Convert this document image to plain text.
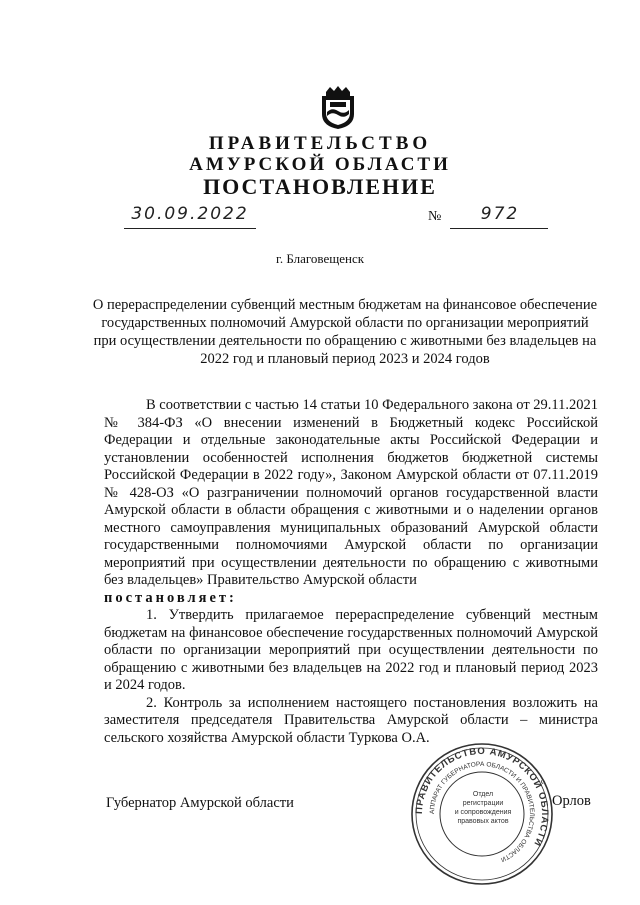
ПРАВИТЕЛЬСТВО
АМУРСКОЙ ОБЛАСТИ
ПОСТАНОВЛЕНИЕ
30.09.2022	№	972
г. Благовещенск
О перераспределении субвенций местным бюджетам на финансовое обеспечение государственных полномочий Амурской области по организации мероприятий при осуществлении деятельности по обращению с животными без владельцев на 2022 год и плановый период 2023 и 2024 годов

В соответствии с частью 14 статьи 10 Федерального закона от 29.11.2021 № 384-ФЗ «О внесении изменений в Бюджетный кодекс Российской Федерации и отдельные законодательные акты Российской Федерации и установлении особенностей исполнения бюджетов бюджетной системы Российской Федерации в 2022 году», Законом Амурской области от 07.11.2019 № 428-ОЗ «О разграничении полномочий органов государственной власти Амурской области в области обращения с животными и о наделении органов местного самоуправления муниципальных образований Амурской области государственными полномочиями Амурской области по организации мероприятий при осуществлении деятельности по обращению с животными без владельцев» Правительство Амурской области

постановляет:

1. Утвердить прилагаемое перераспределение субвенций местным бюджетам на финансовое обеспечение государственных полномочий Амурской области по организации мероприятий при осуществлении деятельности по обращению с животными без владельцев на 2022 год и плановый период 2023 и 2024 годов.

2. Контроль за исполнением настоящего постановления возложить на заместителя председателя Правительства Амурской области – министра сельского хозяйства Амурской области Туркова О.А.

Губернатор Амурской области	Орлов
ПРАВИТЕЛЬСТВО АМУРСКОЙ ОБЛАСТИ
АППАРАТ ГУБЕРНАТОРА ОБЛАСТИ И ПРАВИТЕЛЬСТВА ОБЛАСТИ
Отдел
регистрации
и сопровождения
правовых актов
